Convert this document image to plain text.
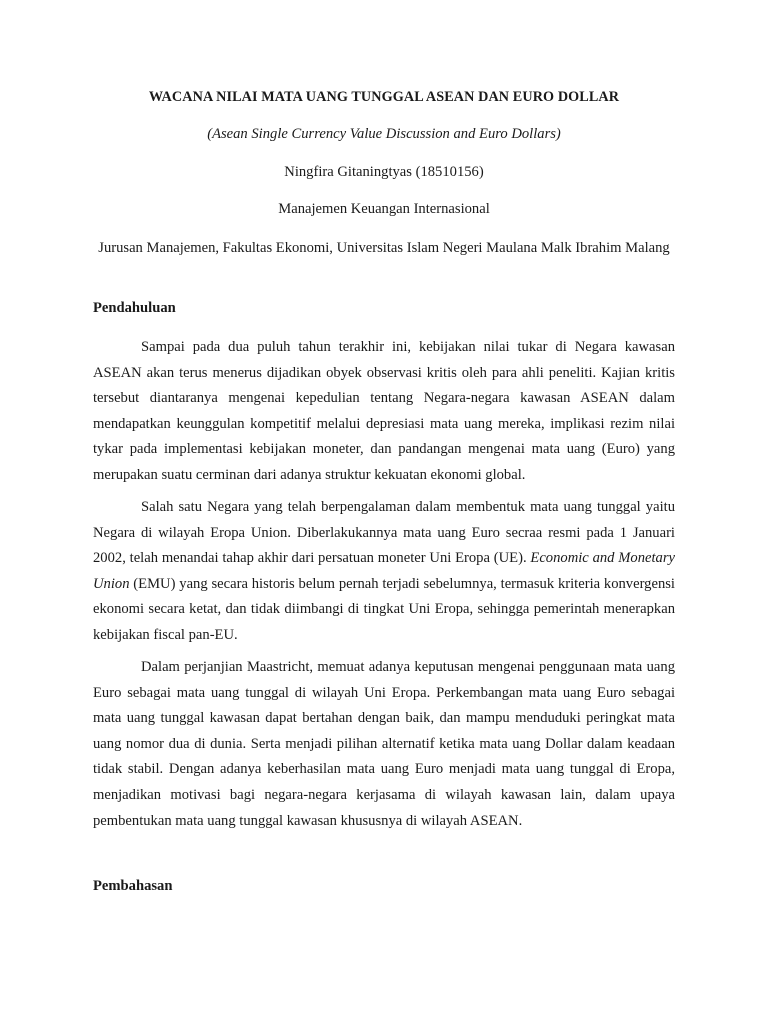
WACANA NILAI MATA UANG TUNGGAL ASEAN DAN EURO DOLLAR

(Asean Single Currency Value Discussion and Euro Dollars)

Ningfira Gitaningtyas (18510156)

Manajemen Keuangan Internasional

Jurusan Manajemen, Fakultas Ekonomi, Universitas Islam Negeri Maulana Malk Ibrahim Malang

Pendahuluan

Sampai pada dua puluh tahun terakhir ini, kebijakan nilai tukar di Negara kawasan ASEAN akan terus menerus dijadikan obyek observasi kritis oleh para ahli peneliti. Kajian kritis tersebut diantaranya mengenai kepedulian tentang Negara-negara kawasan ASEAN dalam mendapatkan keunggulan kompetitif melalui depresiasi mata uang mereka, implikasi rezim nilai tykar pada implementasi kebijakan moneter, dan pandangan mengenai mata uang (Euro) yang merupakan suatu cerminan dari adanya struktur kekuatan ekonomi global.

Salah satu Negara yang telah berpengalaman dalam membentuk mata uang tunggal yaitu Negara di wilayah Eropa Union. Diberlakukannya mata uang Euro secraa resmi pada 1 Januari 2002, telah menandai tahap akhir dari persatuan moneter Uni Eropa (UE). Economic and Monetary Union (EMU) yang secara historis belum pernah terjadi sebelumnya, termasuk kriteria konvergensi ekonomi secara ketat, dan tidak diimbangi di tingkat Uni Eropa, sehingga pemerintah menerapkan kebijakan fiscal pan-EU.

Dalam perjanjian Maastricht, memuat adanya keputusan mengenai penggunaan mata uang Euro sebagai mata uang tunggal di wilayah Uni Eropa. Perkembangan mata uang Euro sebagai mata uang tunggal kawasan dapat bertahan dengan baik, dan mampu menduduki peringkat mata uang nomor dua di dunia. Serta menjadi pilihan alternatif ketika mata uang Dollar dalam keadaan tidak stabil. Dengan adanya keberhasilan mata uang Euro menjadi mata uang tunggal di Eropa, menjadikan motivasi bagi negara-negara kerjasama di wilayah kawasan lain, dalam upaya pembentukan mata uang tunggal kawasan khususnya di wilayah ASEAN.

Pembahasan
